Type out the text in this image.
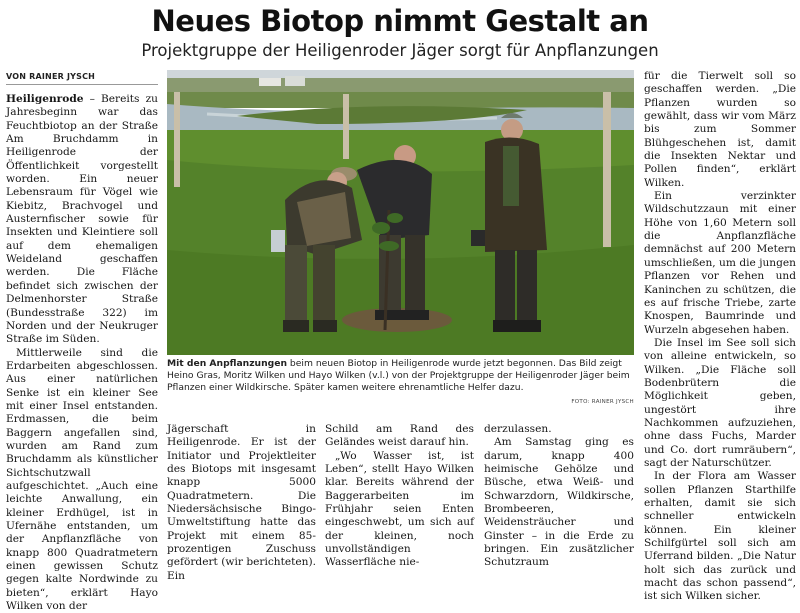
Neues Biotop nimmt Gestalt an
Projektgruppe der Heiligenroder Jäger sorgt für Anpflanzungen
VON RAINER JYSCH

Heiligenrode – Bereits zu Jahresbeginn war das Feuchtbiotop an der Straße Am Bruchdamm in Heiligenrode der Öffentlichkeit vorgestellt worden. Ein neuer Lebensraum für Vögel wie Kiebitz, Brachvogel und Austernfischer sowie für Insekten und Kleintiere soll auf dem ehemaligen Weideland geschaffen werden. Die Fläche befindet sich zwischen der Delmenhorster Straße (Bundesstraße 322) im Norden und der Neukruger Straße im Süden.

Mittlerweile sind die Erdarbeiten abgeschlossen. Aus einer natürlichen Senke ist ein kleiner See mit einer Insel entstanden. Erdmassen, die beim Baggern angefallen sind, wurden am Rand zum Bruchdamm als künstlicher Sichtschutzwall aufgeschichtet. „Auch eine leichte Anwallung, ein kleiner Erdhügel, ist in Ufernähe entstanden, um der Anpflanzfläche von knapp 800 Quadratmetern einen gewissen Schutz gegen kalte Nordwinde zu bieten“, erklärt Hayo Wilken von der

Mit den Anpflanzungen beim neuen Biotop in Heiligenrode wurde jetzt begonnen. Das Bild zeigt Heino Gras, Moritz Wilken und Hayo Wilken (v.l.) von der Projektgruppe der Heiligenroder Jäger beim Pflanzen einer Wildkirsche. Später kamen weitere ehrenamtliche Helfer dazu.
FOTO: RAINER JYSCH

Jägerschaft in Heiligenrode. Er ist der Initiator und Projektleiter des Biotops mit insgesamt knapp 5000 Quadratmetern. Die Niedersächsische Bingo-Umweltstiftung hatte das Projekt mit einem 85-prozentigen Zuschuss gefördert (wir berichteten). Ein

Schild am Rand des Geländes weist darauf hin.

„Wo Wasser ist, ist Leben“, stellt Hayo Wilken klar. Bereits während der Baggerarbeiten im Frühjahr seien Enten eingeschwebt, um sich auf der kleinen, noch unvollständigen Wasserfläche nie-

derzulassen.

Am Samstag ging es darum, knapp 400 heimische Gehölze und Büsche, etwa Weiß- und Schwarzdorn, Wildkirsche, Brombeeren, Weidensträucher und Ginster – in die Erde zu bringen. Ein zusätzlicher Schutzraum

für die Tierwelt soll so geschaffen werden. „Die Pflanzen wurden so gewählt, dass wir vom März bis zum Sommer Blühgeschehen ist, damit die Insekten Nektar und Pollen finden“, erklärt Wilken.

Ein verzinkter Wildschutzzaun mit einer Höhe von 1,60 Metern soll die Anpflanzfläche demnächst auf 200 Metern umschließen, um die jungen Pflanzen vor Rehen und Kaninchen zu schützen, die es auf frische Triebe, zarte Knospen, Baumrinde und Wurzeln abgesehen haben.

Die Insel im See soll sich von alleine entwickeln, so Wilken. „Die Fläche soll Bodenbrütern die Möglichkeit geben, ungestört ihre Nachkommen aufzuziehen, ohne dass Fuchs, Marder und Co. dort rumräubern“, sagt der Naturschützer.

In der Flora am Wasser sollen Pflanzen Starthilfe erhalten, damit sie sich schneller entwickeln können. Ein kleiner Schilfgürtel soll sich am Uferrand bilden. „Die Natur holt sich das zurück und macht das schon passend“, ist sich Wilken sicher.
